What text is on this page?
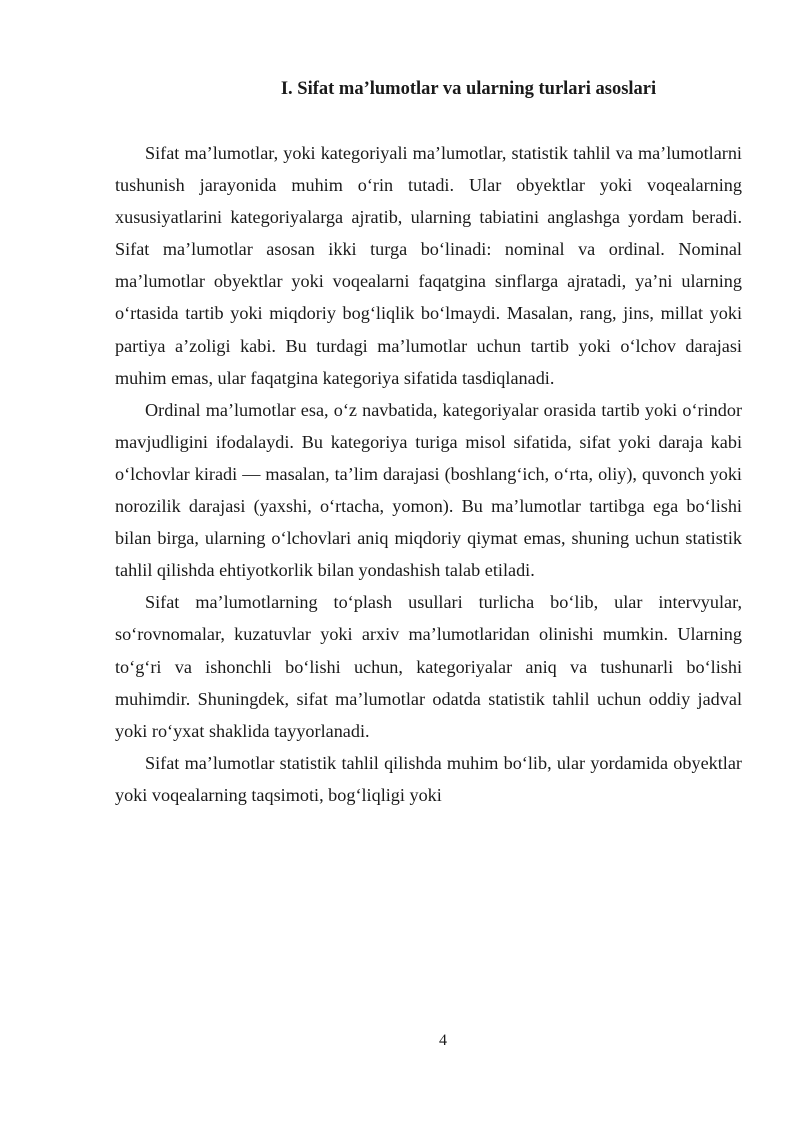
I. Sifat ma’lumotlar va ularning turlari asoslari

Sifat ma’lumotlar, yoki kategoriyali ma’lumotlar, statistik tahlil va ma’lumotlarni tushunish jarayonida muhim o‘rin tutadi. Ular obyektlar yoki voqealarning xususiyatlarini kategoriyalarga ajratib, ularning tabiatini anglashga yordam beradi. Sifat ma’lumotlar asosan ikki turga bo‘linadi: nominal va ordinal. Nominal ma’lumotlar obyektlar yoki voqealarni faqatgina sinflarga ajratadi, ya’ni ularning o‘rtasida tartib yoki miqdoriy bog‘liqlik bo‘lmaydi. Masalan, rang, jins, millat yoki partiya a’zoligi kabi. Bu turdagi ma’lumotlar uchun tartib yoki o‘lchov darajasi muhim emas, ular faqatgina kategoriya sifatida tasdiqlanadi.

Ordinal ma’lumotlar esa, o‘z navbatida, kategoriyalar orasida tartib yoki o‘rindor mavjudligini ifodalaydi. Bu kategoriya turiga misol sifatida, sifat yoki daraja kabi o‘lchovlar kiradi — masalan, ta’lim darajasi (boshlang‘ich, o‘rta, oliy), quvonch yoki norozilik darajasi (yaxshi, o‘rtacha, yomon). Bu ma’lumotlar tartibga ega bo‘lishi bilan birga, ularning o‘lchovlari aniq miqdoriy qiymat emas, shuning uchun statistik tahlil qilishda ehtiyotkorlik bilan yondashish talab etiladi.

Sifat ma’lumotlarning to‘plash usullari turlicha bo‘lib, ular intervyular, so‘rovnomalar, kuzatuvlar yoki arxiv ma’lumotlaridan olinishi mumkin. Ularning to‘g‘ri va ishonchli bo‘lishi uchun, kategoriyalar aniq va tushunarli bo‘lishi muhimdir. Shuningdek, sifat ma’lumotlar odatda statistik tahlil uchun oddiy jadval yoki ro‘yxat shaklida tayyorlanadi.

Sifat ma’lumotlar statistik tahlil qilishda muhim bo‘lib, ular yordamida obyektlar yoki voqealarning taqsimoti, bog‘liqligi yoki

4
